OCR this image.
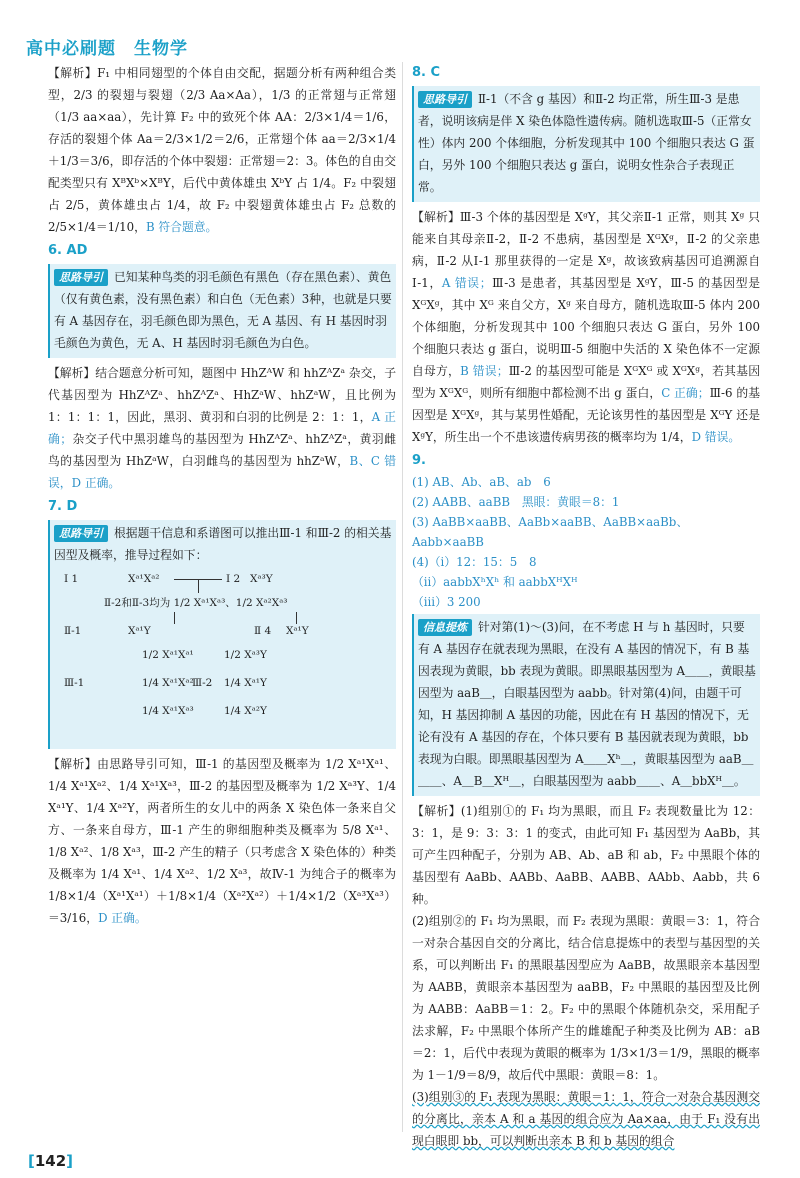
高中必刷题　生物学

【解析】F₁ 中相同翅型的个体自由交配，据题分析有两种组合类型，2/3 的裂翅与裂翅（2/3 Aa×Aa），1/3 的正常翅与正常翅（1/3 aa×aa），先计算 F₂ 中的致死个体 AA：2/3×1/4＝1/6，存活的裂翅个体 Aa＝2/3×1/2＝2/6，正常翅个体 aa＝2/3×1/4＋1/3＝3/6，即存活的个体中裂翅：正常翅＝2：3。体色的自由交配类型只有 XᴮXᵇ×XᴮY，后代中黄体雄虫 XᵇY 占 1/4。F₂ 中裂翅占 2/5，黄体雄虫占 1/4，故 F₂ 中裂翅黄体雄虫占 F₂ 总数的 2/5×1/4＝1/10，B 符合题意。

6. AD
思路导引 已知某种鸟类的羽毛颜色有黑色（存在黑色素）、黄色（仅有黄色素，没有黑色素）和白色（无色素）3种，也就是只要有 A 基因存在，羽毛颜色即为黑色，无 A 基因、有 H 基因时羽毛颜色为黄色，无 A、H 基因时羽毛颜色为白色。

【解析】结合题意分析可知，题图中 HhZᴬW 和 hhZᴬZᵃ 杂交，子代基因型为 HhZᴬZᵃ、hhZᴬZᵃ、HhZᵃW、hhZᵃW，且比例为 1：1：1：1，因此，黑羽、黄羽和白羽的比例是 2：1：1，A 正确；杂交子代中黑羽雄鸟的基因型为 HhZᴬZᵃ、hhZᴬZᵃ，黄羽雌鸟的基因型为 HhZᵃW，白羽雌鸟的基因型为 hhZᵃW，B、C 错误，D 正确。

7. D
思路导引 根据题干信息和系谱图可以推出Ⅲ-1 和Ⅲ-2 的相关基因型及概率，推导过程如下：
Ⅰ 1	Xᵃ¹Xᵃ²	Ⅰ 2 Xᵃ³Y
Ⅱ-2和Ⅱ-3均为 1/2 Xᵃ¹Xᵃ³、1/2 Xᵃ²Xᵃ³
Ⅱ-1	Xᵃ¹Y	Ⅱ 4 Xᵃ¹Y
1/2 Xᵃ¹Xᵃ¹	1/2 Xᵃ³Y
Ⅲ-1	1/4 Xᵃ¹Xᵃ²
Ⅲ-2 1/4 Xᵃ¹Y
1/4 Xᵃ¹Xᵃ³	1/4 Xᵃ²Y

【解析】由思路导引可知，Ⅲ-1 的基因型及概率为 1/2 Xᵃ¹Xᵃ¹、1/4 Xᵃ¹Xᵃ²、1/4 Xᵃ¹Xᵃ³，Ⅲ-2 的基因型及概率为 1/2 Xᵃ³Y、1/4 Xᵃ¹Y、1/4 Xᵃ²Y，两者所生的女儿中的两条 X 染色体一条来自父方、一条来自母方，Ⅲ-1 产生的卵细胞种类及概率为 5/8 Xᵃ¹、1/8 Xᵃ²、1/8 Xᵃ³，Ⅲ-2 产生的精子（只考虑含 X 染色体的）种类及概率为 1/4 Xᵃ¹、1/4 Xᵃ²、1/2 Xᵃ³，故Ⅳ-1 为纯合子的概率为 1/8×1/4（Xᵃ¹Xᵃ¹）＋1/8×1/4（Xᵃ²Xᵃ²）＋1/4×1/2（Xᵃ³Xᵃ³）＝3/16，D 正确。

8. C
思路导引 Ⅱ-1（不含 g 基因）和Ⅱ-2 均正常，所生Ⅲ-3 是患者，说明该病是伴 X 染色体隐性遗传病。随机选取Ⅲ-5（正常女性）体内 200 个体细胞，分析发现其中 100 个细胞只表达 G 蛋白，另外 100 个细胞只表达 g 蛋白，说明女性杂合子表现正常。

【解析】Ⅲ-3 个体的基因型是 XᵍY，其父亲Ⅱ-1 正常，则其 Xᵍ 只能来自其母亲Ⅱ-2，Ⅱ-2 不患病，基因型是 XᴳXᵍ，Ⅱ-2 的父亲患病，Ⅱ-2 从Ⅰ-1 那里获得的一定是 Xᵍ，故该致病基因可追溯源自Ⅰ-1，A 错误；Ⅲ-3 是患者，其基因型是 XᵍY，Ⅲ-5 的基因型是 XᴳXᵍ，其中 Xᴳ 来自父方，Xᵍ 来自母方，随机选取Ⅲ-5 体内 200 个体细胞，分析发现其中 100 个细胞只表达 G 蛋白，另外 100 个细胞只表达 g 蛋白，说明Ⅲ-5 细胞中失活的 X 染色体不一定源自母方，B 错误；Ⅲ-2 的基因型可能是 XᴳXᴳ 或 XᴳXᵍ，若其基因型为 XᴳXᴳ，则所有细胞中都检测不出 g 蛋白，C 正确；Ⅲ-6 的基因型是 XᴳXᵍ，其与某男性婚配，无论该男性的基因型是 XᴳY 还是 XᵍY，所生出一个不患该遗传病男孩的概率均为 1/4，D 错误。

9.
(1) AB、Ab、aB、ab　6
(2) AABB、aaBB　黑眼：黄眼＝8：1
(3) AaBB×aaBB、AaBb×aaBB、AaBB×aaBb、Aabb×aaBB
(4)（ⅰ）12：15：5　8
（ⅱ）aabbXʰXʰ 和 aabbXᴴXᴴ
（ⅲ）3 200
信息提炼 针对第(1)～(3)问，在不考虑 H 与 h 基因时，只要有 A 基因存在就表现为黑眼，在没有 A 基因的情况下，有 B 基因表现为黄眼，bb 表现为黄眼。即黑眼基因型为 A＿＿，黄眼基因型为 aaB＿，白眼基因型为 aabb。针对第(4)问，由题干可知，H 基因抑制 A 基因的功能，因此在有 H 基因的情况下，无论有没有 A 基因的存在，个体只要有 B 基因就表现为黄眼，bb 表现为白眼。即黑眼基因型为 A＿＿Xʰ＿，黄眼基因型为 aaB＿＿＿、A＿B＿Xᴴ＿，白眼基因型为 aabb＿＿、A＿bbXᴴ＿。

【解析】(1)组别①的 F₁ 均为黑眼，而且 F₂ 表现数量比为 12：3：1，是 9：3：3：1 的变式，由此可知 F₁ 基因型为 AaBb，其可产生四种配子，分别为 AB、Ab、aB 和 ab，F₂ 中黑眼个体的基因型有 AaBb、AABb、AaBB、AABB、AAbb、Aabb，共 6 种。

(2)组别②的 F₁ 均为黑眼，而 F₂ 表现为黑眼：黄眼＝3：1，符合一对杂合基因自交的分离比，结合信息提炼中的表型与基因型的关系，可以判断出 F₁ 的黑眼基因型应为 AaBB，故黑眼亲本基因型为 AABB，黄眼亲本基因型为 aaBB，F₂ 中黑眼的基因型及比例为 AABB：AaBB＝1：2。F₂ 中的黑眼个体随机杂交，采用配子法求解，F₂ 中黑眼个体所产生的雌雄配子种类及比例为 AB：aB＝2：1，后代中表现为黄眼的概率为 1/3×1/3＝1/9，黑眼的概率为 1－1/9＝8/9，故后代中黑眼：黄眼＝8：1。

(3)组别③的 F₁ 表现为黑眼：黄眼＝1：1，符合一对杂合基因测交的分离比，亲本 A 和 a 基因的组合应为 Aa×aa，由于 F₁ 没有出现白眼即 bb，可以判断出亲本 B 和 b 基因的组合

[142]
